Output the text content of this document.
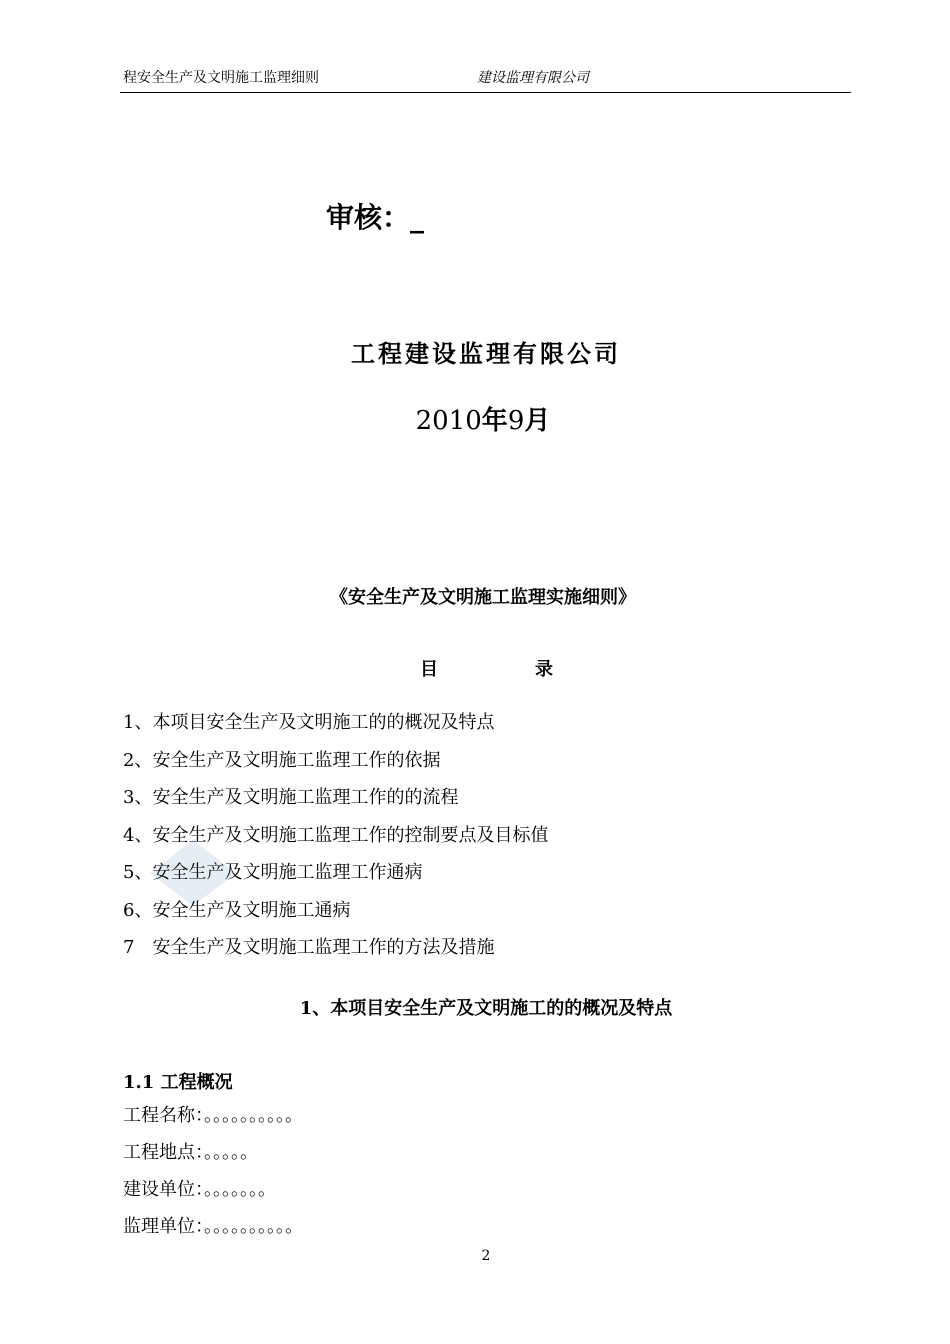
程安全生产及文明施工监理细则	建设监理有限公司
审核：_
工程建设监理有限公司
2010年9月
《安全生产及文明施工监理实施细则》
目	录
1、本项目安全生产及文明施工的的概况及特点
2、安全生产及文明施工监理工作的依据
3、安全生产及文明施工监理工作的的流程
4、安全生产及文明施工监理工作的控制要点及目标值
5、安全生产及文明施工监理工作通病
6、安全生产及文明施工通病
7　安全生产及文明施工监理工作的方法及措施
1、本项目安全生产及文明施工的的概况及特点
1.1 工程概况
工程名称：。。。。。。。。。。
工程地点：。。。。。
建设单位：。。。。。。。
监理单位：。。。。。。。。。。
2
